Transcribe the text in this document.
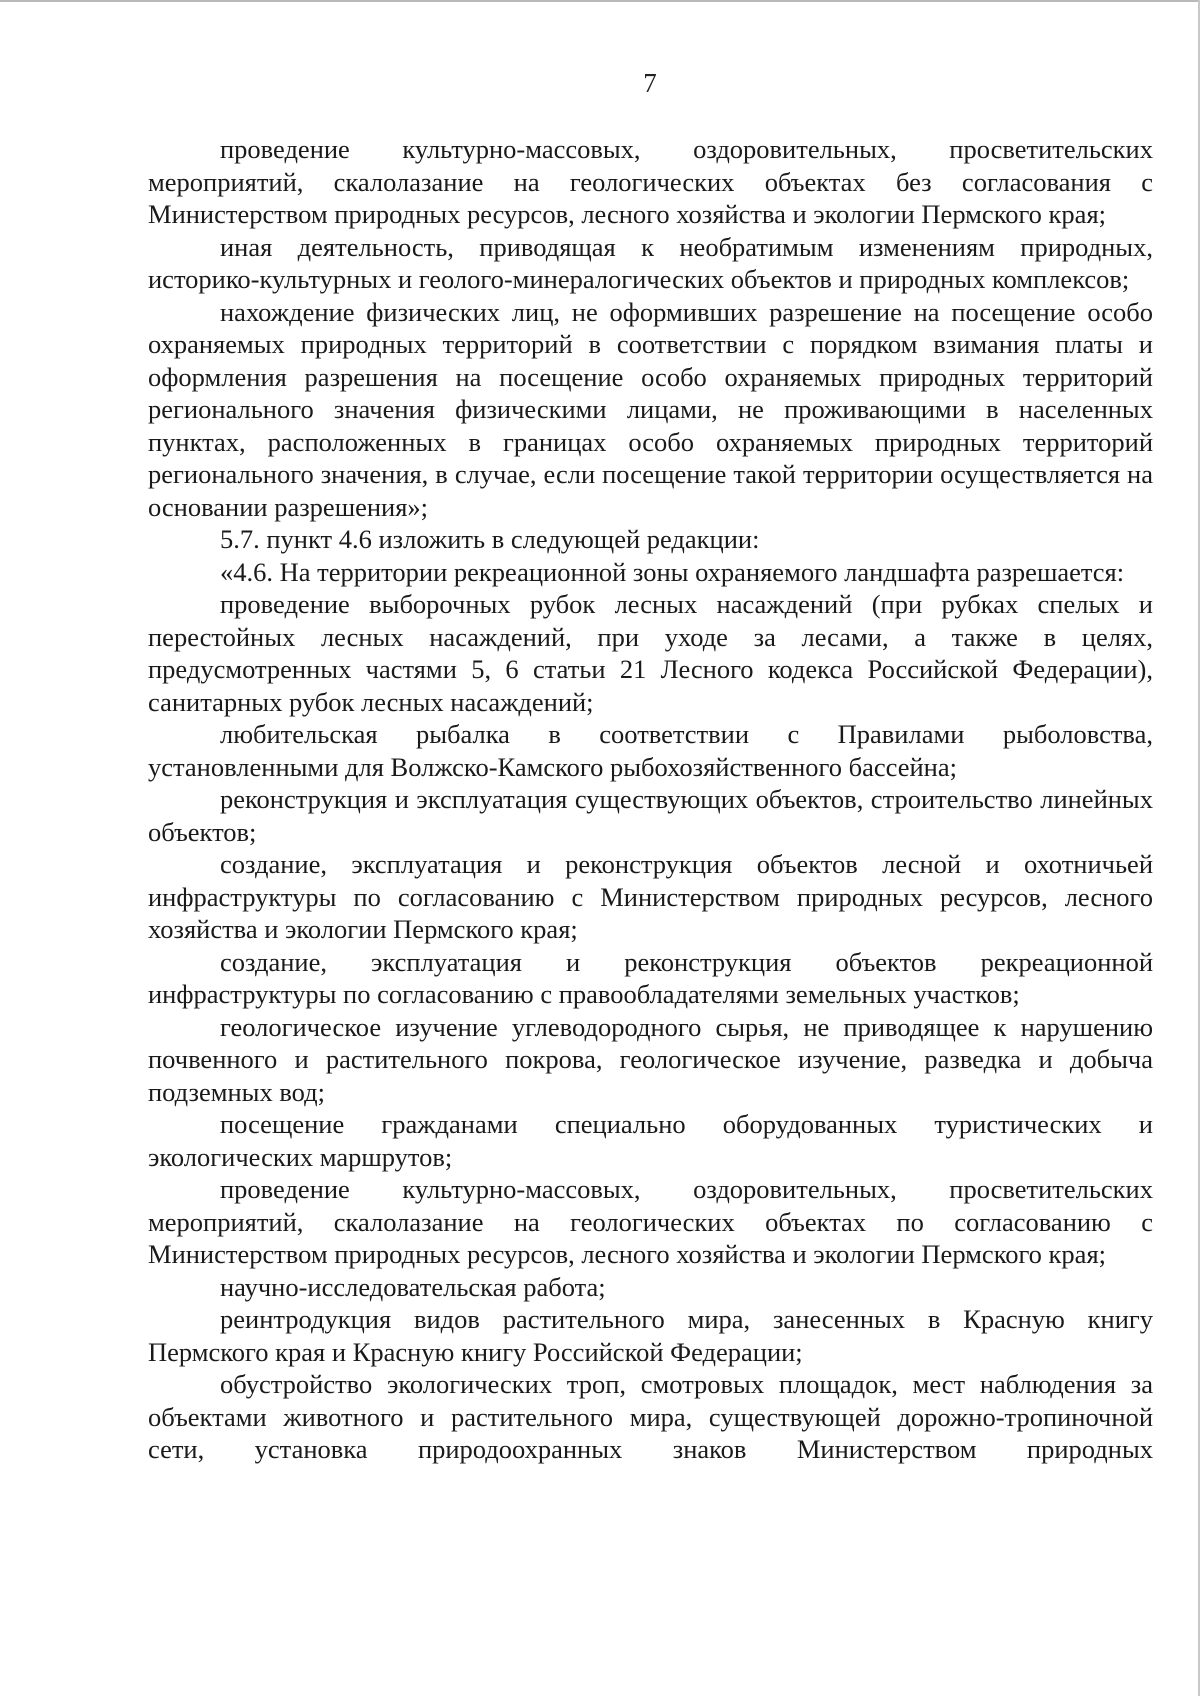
7

проведение культурно-массовых, оздоровительных, просветительских мероприятий, скалолазание на геологических объектах без согласования с Министерством природных ресурсов, лесного хозяйства и экологии Пермского края;

иная деятельность, приводящая к необратимым изменениям природных, историко-культурных и геолого-минералогических объектов и природных комплексов;

нахождение физических лиц, не оформивших разрешение на посещение особо охраняемых природных территорий в соответствии с порядком взимания платы и оформления разрешения на посещение особо охраняемых природных территорий регионального значения физическими лицами, не проживающими в населенных пунктах, расположенных в границах особо охраняемых природных территорий регионального значения, в случае, если посещение такой территории осуществляется на основании разрешения»;

5.7. пункт 4.6 изложить в следующей редакции:

«4.6. На территории рекреационной зоны охраняемого ландшафта разрешается:

проведение выборочных рубок лесных насаждений (при рубках спелых и перестойных лесных насаждений, при уходе за лесами, а также в целях, предусмотренных частями 5, 6 статьи 21 Лесного кодекса Российской Федерации), санитарных рубок лесных насаждений;

любительская рыбалка в соответствии с Правилами рыболовства, установленными для Волжско-Камского рыбохозяйственного бассейна;

реконструкция и эксплуатация существующих объектов, строительство линейных объектов;

создание, эксплуатация и реконструкция объектов лесной и охотничьей инфраструктуры по согласованию с Министерством природных ресурсов, лесного хозяйства и экологии Пермского края;

создание, эксплуатация и реконструкция объектов рекреационной инфраструктуры по согласованию с правообладателями земельных участков;

геологическое изучение углеводородного сырья, не приводящее к нарушению почвенного и растительного покрова, геологическое изучение, разведка и добыча подземных вод;

посещение гражданами специально оборудованных туристических и экологических маршрутов;

проведение культурно-массовых, оздоровительных, просветительских мероприятий, скалолазание на геологических объектах по согласованию с Министерством природных ресурсов, лесного хозяйства и экологии Пермского края;

научно-исследовательская работа;

реинтродукция видов растительного мира, занесенных в Красную книгу Пермского края и Красную книгу Российской Федерации;

обустройство экологических троп, смотровых площадок, мест наблюдения за объектами животного и растительного мира, существующей дорожно-тропиночной сети, установка природоохранных знаков Министерством природных
